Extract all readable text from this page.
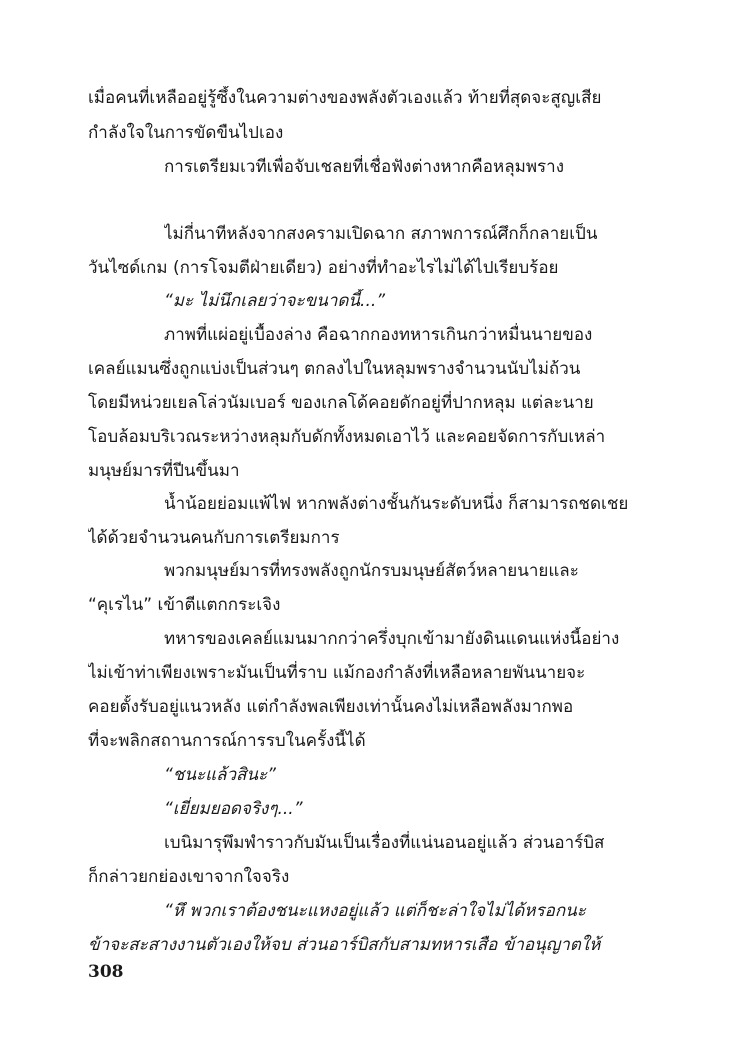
เมื่อคนที่เหลืออยู่รู้ซึ้งในความต่างของพลังตัวเองแล้ว ท้ายที่สุดจะสูญเสีย
กำลังใจในการขัดขืนไปเอง
การเตรียมเวทีเพื่อจับเชลยที่เชื่อฟังต่างหากคือหลุมพราง
ไม่กี่นาทีหลังจากสงครามเปิดฉาก สภาพการณ์ศึกก็กลายเป็น
วันไซด์เกม (การโจมตีฝ่ายเดียว) อย่างที่ทำอะไรไม่ได้ไปเรียบร้อย
“มะ ไม่นึกเลยว่าจะขนาดนี้...”
ภาพที่แผ่อยู่เบื้องล่าง คือฉากกองทหารเกินกว่าหมื่นนายของ
เคลย์แมนซึ่งถูกแบ่งเป็นส่วนๆ ตกลงไปในหลุมพรางจำนวนนับไม่ถ้วน
โดยมีหน่วยเยลโล่วนัมเบอร์ ของเกลโด้คอยดักอยู่ที่ปากหลุม แต่ละนาย
โอบล้อมบริเวณระหว่างหลุมกับดักทั้งหมดเอาไว้ และคอยจัดการกับเหล่า
มนุษย์มารที่ปีนขึ้นมา
น้ำน้อยย่อมแพ้ไฟ หากพลังต่างชั้นกันระดับหนึ่ง ก็สามารถชดเชย
ได้ด้วยจำนวนคนกับการเตรียมการ
พวกมนุษย์มารที่ทรงพลังถูกนักรบมนุษย์สัตว์หลายนายและ
“คุเรไน” เข้าตีแตกกระเจิง
ทหารของเคลย์แมนมากกว่าครึ่งบุกเข้ามายังดินแดนแห่งนี้อย่าง
ไม่เข้าท่าเพียงเพราะมันเป็นที่ราบ แม้กองกำลังที่เหลือหลายพันนายจะ
คอยตั้งรับอยู่แนวหลัง แต่กำลังพลเพียงเท่านั้นคงไม่เหลือพลังมากพอ
ที่จะพลิกสถานการณ์การรบในครั้งนี้ได้
“ชนะแล้วสินะ”
“เยี่ยมยอดจริงๆ...”
เบนิมารุพึมพำราวกับมันเป็นเรื่องที่แน่นอนอยู่แล้ว ส่วนอาร์บิส
ก็กล่าวยกย่องเขาจากใจจริง
“หึ พวกเราต้องชนะแหงอยู่แล้ว แต่ก็ชะล่าใจไม่ได้หรอกนะ
ข้าจะสะสางงานตัวเองให้จบ ส่วนอาร์บิสกับสามทหารเสือ ข้าอนุญาตให้
308
